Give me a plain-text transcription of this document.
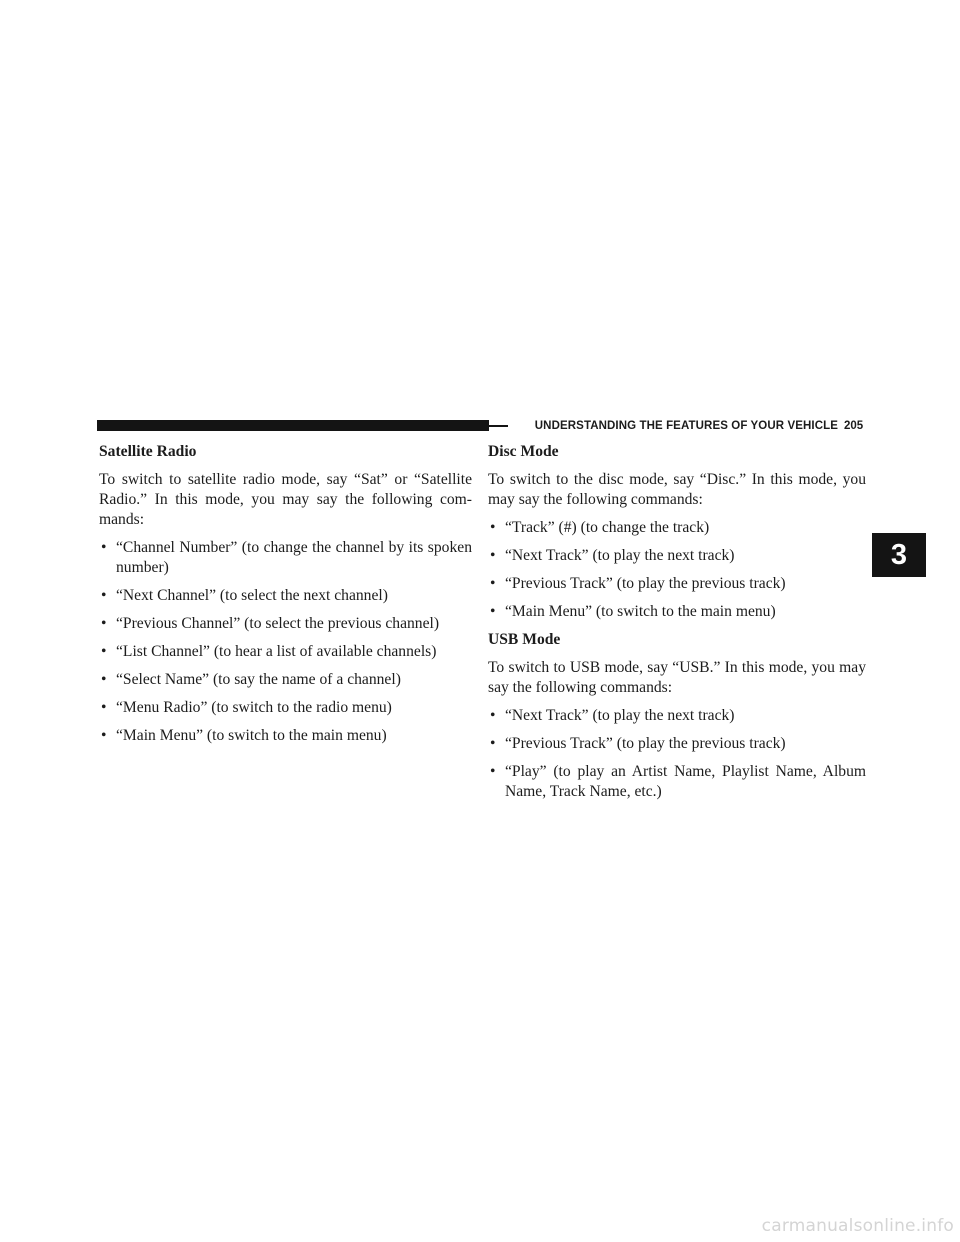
UNDERSTANDING THE FEATURES OF YOUR VEHICLE 205
3
Satellite Radio

To switch to satellite radio mode, say “Sat” or “Satellite Radio.” In this mode, you may say the following com- mands:

• “Channel Number” (to change the channel by its spoken number)
• “Next Channel” (to select the next channel)
• “Previous Channel” (to select the previous channel)
• “List Channel” (to hear a list of available channels)
• “Select Name” (to say the name of a channel)
• “Menu Radio” (to switch to the radio menu)
• “Main Menu” (to switch to the main menu)
Disc Mode

To switch to the disc mode, say “Disc.” In this mode, you may say the following commands:

• “Track” (#) (to change the track)
• “Next Track” (to play the next track)
• “Previous Track” (to play the previous track)
• “Main Menu” (to switch to the main menu)
USB Mode

To switch to USB mode, say “USB.” In this mode, you may say the following commands:

• “Next Track” (to play the next track)
• “Previous Track” (to play the previous track)
• “Play” (to play an Artist Name, Playlist Name, Album Name, Track Name, etc.)
carmanualsonline.info
